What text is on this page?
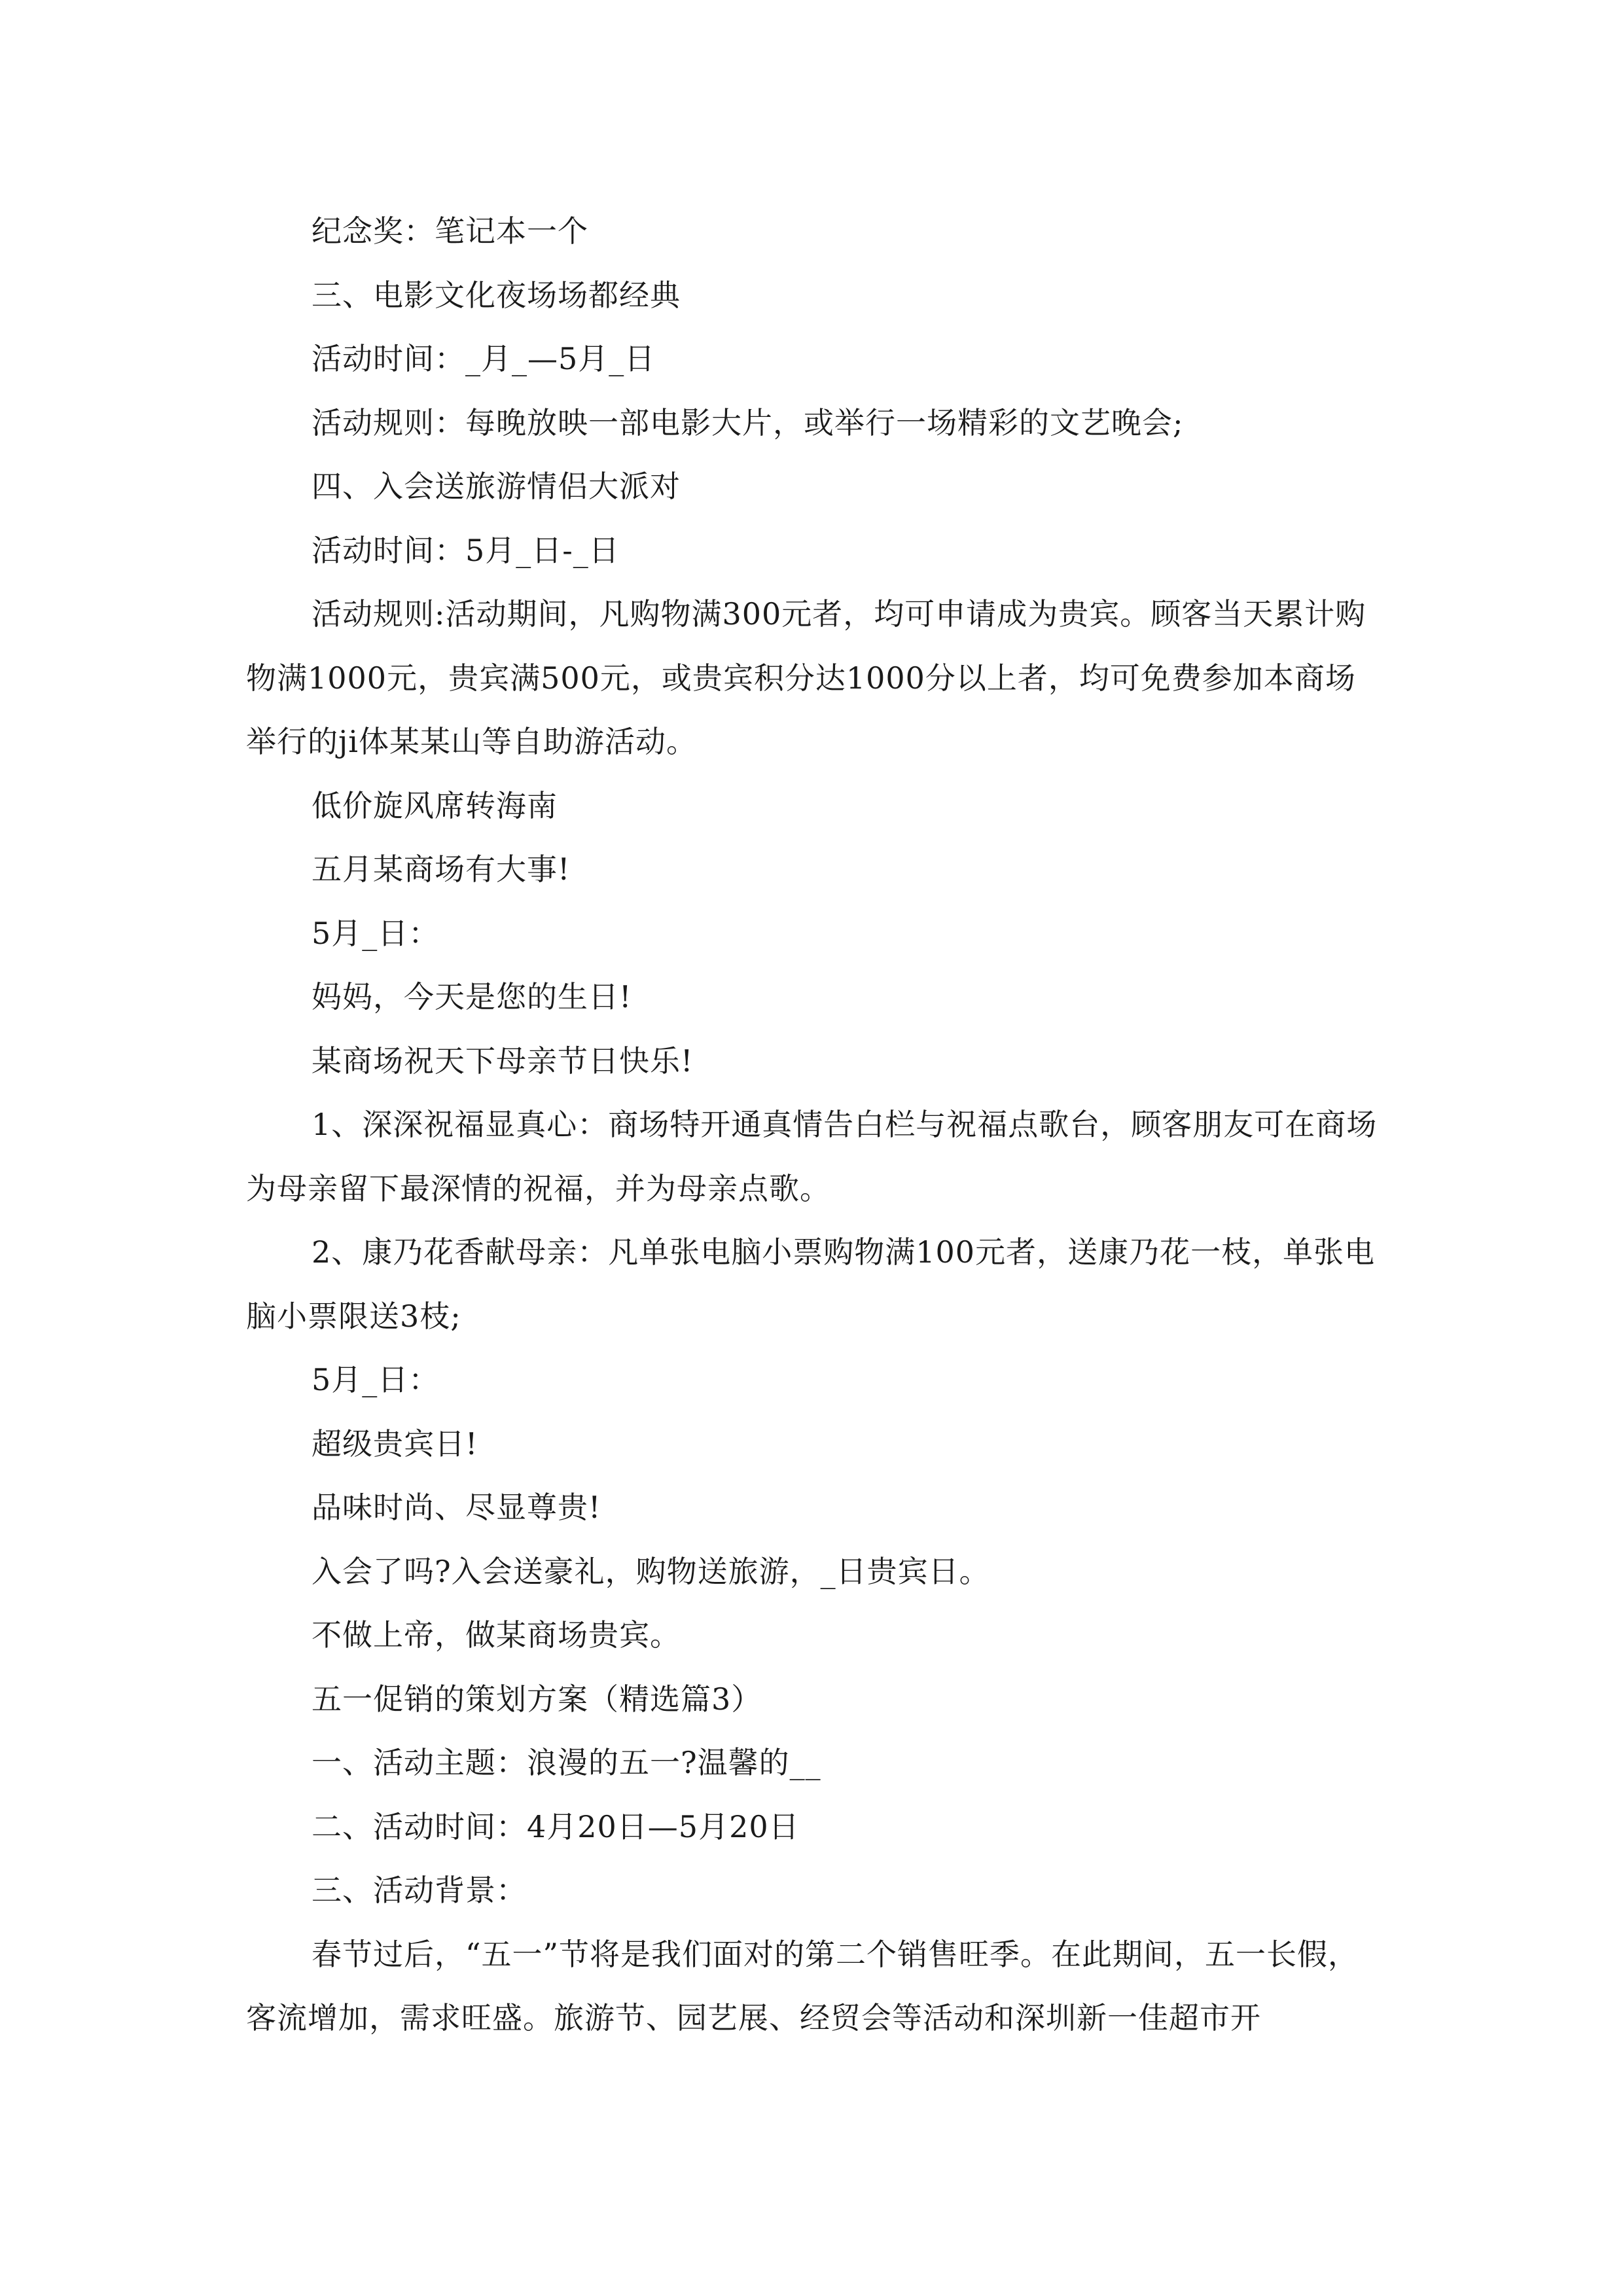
纪念奖：笔记本一个

三、电影文化夜场场都经典

活动时间：_月_—5月_日

活动规则：每晚放映一部电影大片，或举行一场精彩的文艺晚会;

四、入会送旅游情侣大派对

活动时间：5月_日-_日

活动规则:活动期间，凡购物满300元者，均可申请成为贵宾。顾客当天累计购物满1000元，贵宾满500元，或贵宾积分达1000分以上者，均可免费参加本商场举行的ji体某某山等自助游活动。

低价旋风席转海南

五月某商场有大事!

5月_日：

妈妈，今天是您的生日!

某商场祝天下母亲节日快乐!

1、深深祝福显真心：商场特开通真情告白栏与祝福点歌台，顾客朋友可在商场为母亲留下最深情的祝福，并为母亲点歌。

2、康乃花香献母亲：凡单张电脑小票购物满100元者，送康乃花一枝，单张电脑小票限送3枝;

5月_日：

超级贵宾日!

品味时尚、尽显尊贵!

入会了吗?入会送豪礼，购物送旅游，_日贵宾日。

不做上帝，做某商场贵宾。

五一促销的策划方案（精选篇3）

一、活动主题：浪漫的五一?温馨的__

二、活动时间：4月20日—5月20日

三、活动背景：

春节过后，“五一”节将是我们面对的第二个销售旺季。在此期间，五一长假，客流增加，需求旺盛。旅游节、园艺展、经贸会等活动和深圳新一佳超市开
